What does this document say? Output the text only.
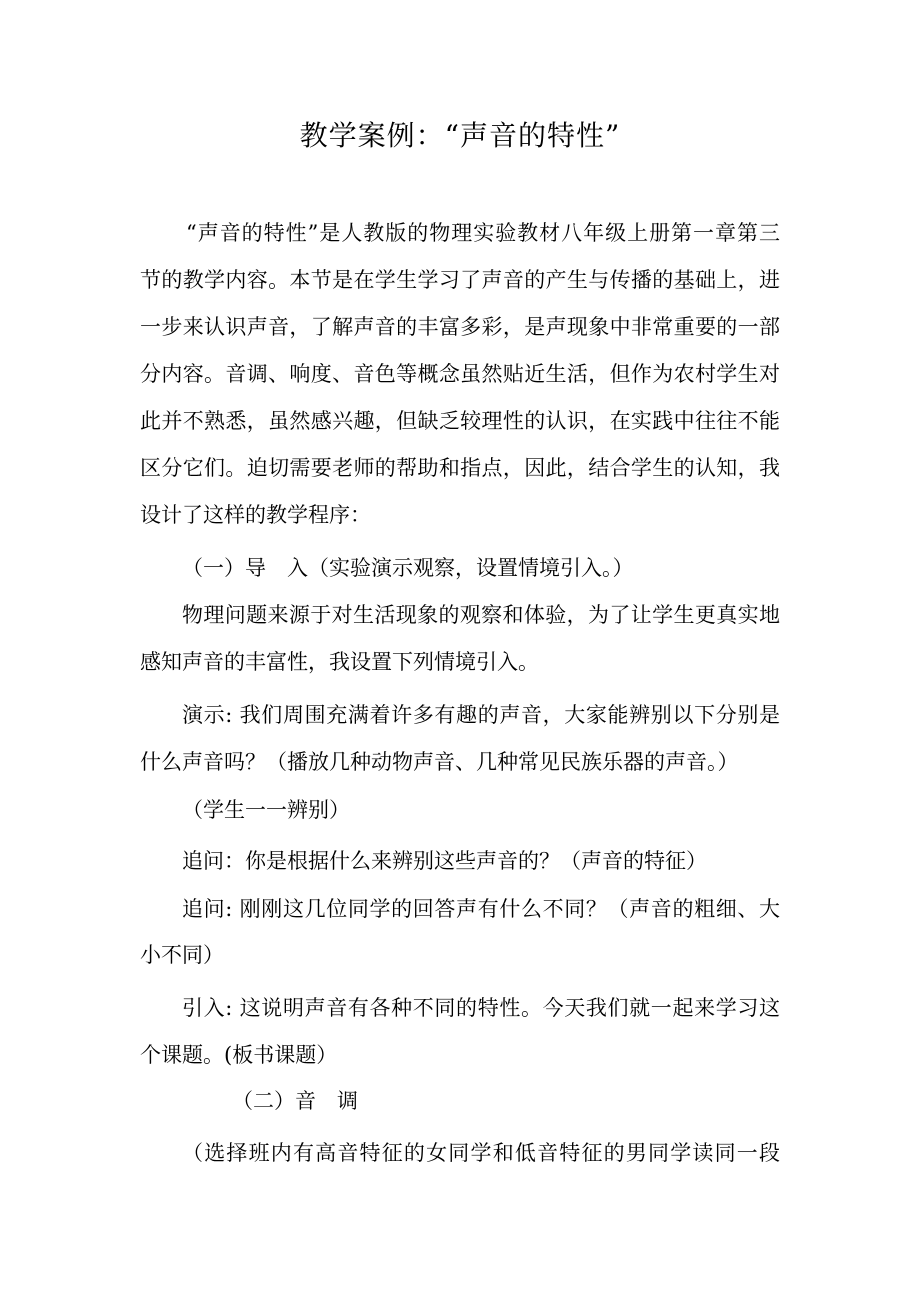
教学案例：“声音的特性”
“声音的特性”是人教版的物理实验教材八年级上册第一章第三
节的教学内容。本节是在学生学习了声音的产生与传播的基础上，进
一步来认识声音，了解声音的丰富多彩，是声现象中非常重要的一部
分内容。音调、响度、音色等概念虽然贴近生活，但作为农村学生对
此并不熟悉，虽然感兴趣，但缺乏较理性的认识，在实践中往往不能
区分它们。迫切需要老师的帮助和指点，因此，结合学生的认知，我
设计了这样的教学程序：
（一）导　入（实验演示观察，设置情境引入。）
物理问题来源于对生活现象的观察和体验，为了让学生更真实地
感知声音的丰富性，我设置下列情境引入。
演示: 我们周围充满着许多有趣的声音，大家能辨别以下分别是
什么声音吗？（播放几种动物声音、几种常见民族乐器的声音。）
（学生一一辨别）
追问：你是根据什么来辨别这些声音的？（声音的特征）
追问: 刚刚这几位同学的回答声有什么不同？（声音的粗细、大
小不同）
引入: 这说明声音有各种不同的特性。今天我们就一起来学习这
个课题。(板书课题）
（二）音　调
（选择班内有高音特征的女同学和低音特征的男同学读同一段
